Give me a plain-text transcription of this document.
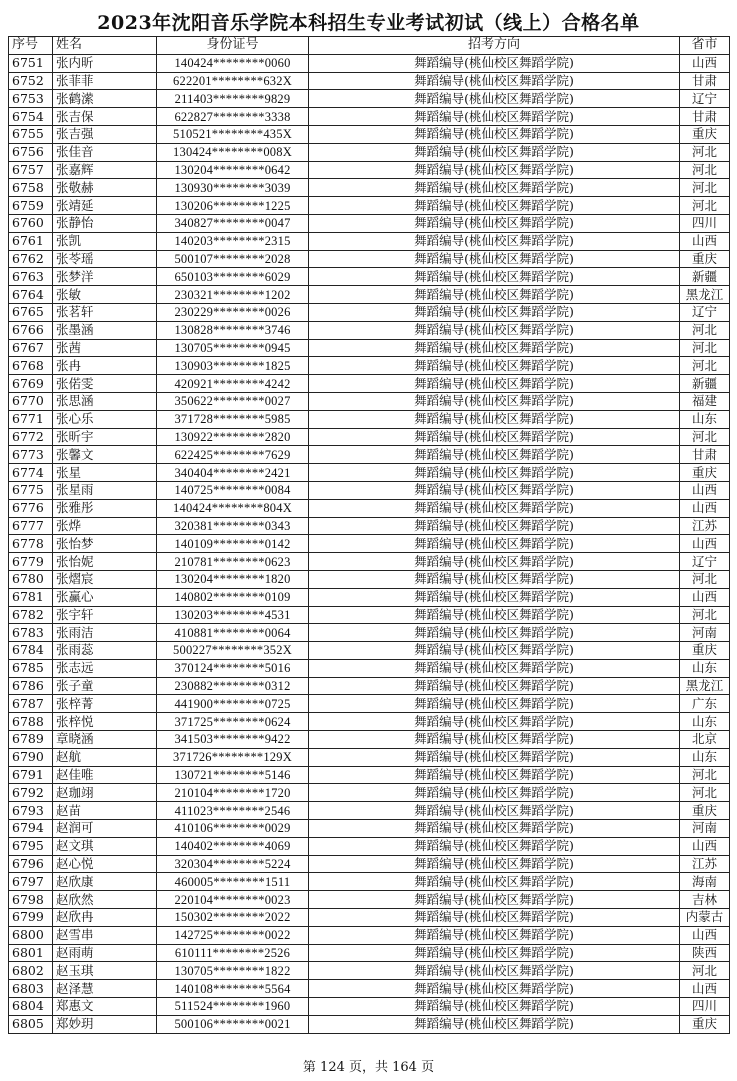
2023年沈阳音乐学院本科招生专业考试初试（线上）合格名单
序号	姓名	身份证号	招考方向	省市
6751	张内昕	140424********0060	舞蹈编导(桃仙校区舞蹈学院)	山西
6752	张菲菲	622201********632X	舞蹈编导(桃仙校区舞蹈学院)	甘肃
6753	张鹤潆	211403********9829	舞蹈编导(桃仙校区舞蹈学院)	辽宁
6754	张吉保	622827********3338	舞蹈编导(桃仙校区舞蹈学院)	甘肃
6755	张吉强	510521********435X	舞蹈编导(桃仙校区舞蹈学院)	重庆
6756	张佳音	130424********008X	舞蹈编导(桃仙校区舞蹈学院)	河北
6757	张嘉辉	130204********0642	舞蹈编导(桃仙校区舞蹈学院)	河北
6758	张敬赫	130930********3039	舞蹈编导(桃仙校区舞蹈学院)	河北
6759	张靖延	130206********1225	舞蹈编导(桃仙校区舞蹈学院)	河北
6760	张静怡	340827********0047	舞蹈编导(桃仙校区舞蹈学院)	四川
6761	张凯	140203********2315	舞蹈编导(桃仙校区舞蹈学院)	山西
6762	张苓瑶	500107********2028	舞蹈编导(桃仙校区舞蹈学院)	重庆
6763	张梦洋	650103********6029	舞蹈编导(桃仙校区舞蹈学院)	新疆
6764	张敏	230321********1202	舞蹈编导(桃仙校区舞蹈学院)	黑龙江
6765	张茗轩	230229********0026	舞蹈编导(桃仙校区舞蹈学院)	辽宁
6766	张墨涵	130828********3746	舞蹈编导(桃仙校区舞蹈学院)	河北
6767	张茜	130705********0945	舞蹈编导(桃仙校区舞蹈学院)	河北
6768	张冉	130903********1825	舞蹈编导(桃仙校区舞蹈学院)	河北
6769	张偌雯	420921********4242	舞蹈编导(桃仙校区舞蹈学院)	新疆
6770	张思涵	350622********0027	舞蹈编导(桃仙校区舞蹈学院)	福建
6771	张心乐	371728********5985	舞蹈编导(桃仙校区舞蹈学院)	山东
6772	张昕宇	130922********2820	舞蹈编导(桃仙校区舞蹈学院)	河北
6773	张馨文	622425********7629	舞蹈编导(桃仙校区舞蹈学院)	甘肃
6774	张星	340404********2421	舞蹈编导(桃仙校区舞蹈学院)	重庆
6775	张星雨	140725********0084	舞蹈编导(桃仙校区舞蹈学院)	山西
6776	张雅彤	140424********804X	舞蹈编导(桃仙校区舞蹈学院)	山西
6777	张烨	320381********0343	舞蹈编导(桃仙校区舞蹈学院)	江苏
6778	张怡梦	140109********0142	舞蹈编导(桃仙校区舞蹈学院)	山西
6779	张怡妮	210781********0623	舞蹈编导(桃仙校区舞蹈学院)	辽宁
6780	张熠宸	130204********1820	舞蹈编导(桃仙校区舞蹈学院)	河北
6781	张赢心	140802********0109	舞蹈编导(桃仙校区舞蹈学院)	山西
6782	张宇轩	130203********4531	舞蹈编导(桃仙校区舞蹈学院)	河北
6783	张雨洁	410881********0064	舞蹈编导(桃仙校区舞蹈学院)	河南
6784	张雨蕊	500227********352X	舞蹈编导(桃仙校区舞蹈学院)	重庆
6785	张志远	370124********5016	舞蹈编导(桃仙校区舞蹈学院)	山东
6786	张子童	230882********0312	舞蹈编导(桃仙校区舞蹈学院)	黑龙江
6787	张梓菁	441900********0725	舞蹈编导(桃仙校区舞蹈学院)	广东
6788	张梓悦	371725********0624	舞蹈编导(桃仙校区舞蹈学院)	山东
6789	章晓涵	341503********9422	舞蹈编导(桃仙校区舞蹈学院)	北京
6790	赵航	371726********129X	舞蹈编导(桃仙校区舞蹈学院)	山东
6791	赵佳唯	130721********5146	舞蹈编导(桃仙校区舞蹈学院)	河北
6792	赵珈翊	210104********1720	舞蹈编导(桃仙校区舞蹈学院)	河北
6793	赵苗	411023********2546	舞蹈编导(桃仙校区舞蹈学院)	重庆
6794	赵润可	410106********0029	舞蹈编导(桃仙校区舞蹈学院)	河南
6795	赵文琪	140402********4069	舞蹈编导(桃仙校区舞蹈学院)	山西
6796	赵心悦	320304********5224	舞蹈编导(桃仙校区舞蹈学院)	江苏
6797	赵欣康	460005********1511	舞蹈编导(桃仙校区舞蹈学院)	海南
6798	赵欣然	220104********0023	舞蹈编导(桃仙校区舞蹈学院)	吉林
6799	赵欣冉	150302********2022	舞蹈编导(桃仙校区舞蹈学院)	内蒙古
6800	赵雪串	142725********0022	舞蹈编导(桃仙校区舞蹈学院)	山西
6801	赵雨萌	610111********2526	舞蹈编导(桃仙校区舞蹈学院)	陕西
6802	赵玉琪	130705********1822	舞蹈编导(桃仙校区舞蹈学院)	河北
6803	赵泽慧	140108********5564	舞蹈编导(桃仙校区舞蹈学院)	山西
6804	郑惠文	511524********1960	舞蹈编导(桃仙校区舞蹈学院)	四川
6805	郑妙玥	500106********0021	舞蹈编导(桃仙校区舞蹈学院)	重庆
第 124 页，共 164 页
